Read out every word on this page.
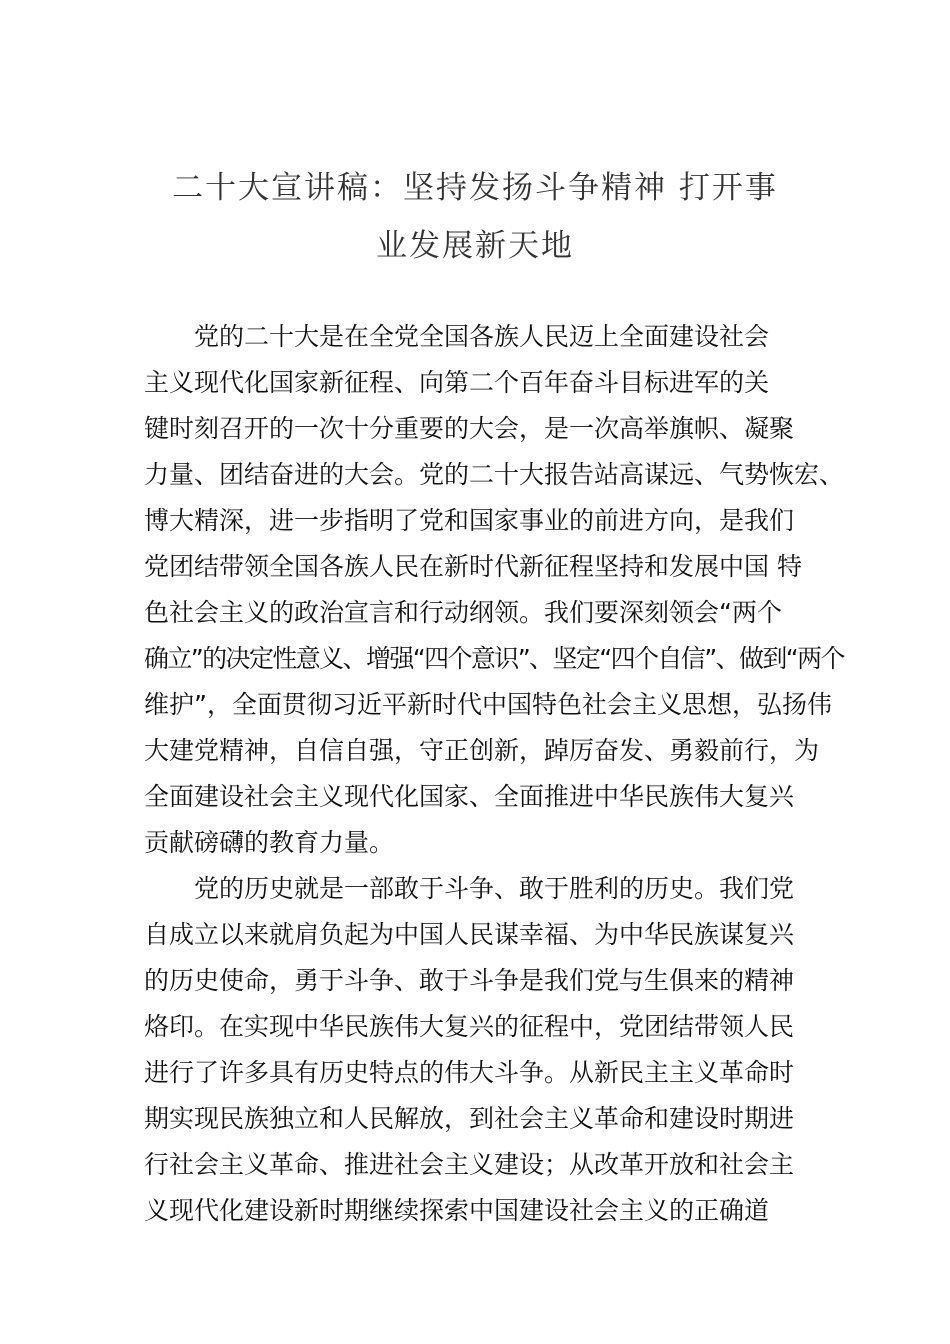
二十大宣讲稿：坚持发扬斗争精神 打开事
业发展新天地
党的二十大是在全党全国各族人民迈上全面建设社会
主义现代化国家新征程、向第二个百年奋斗目标进军的关
键时刻召开的一次十分重要的大会，是一次高举旗帜、凝聚
力量、团结奋进的大会。党的二十大报告站高谋远、气势恢宏、
博大精深，进一步指明了党和国家事业的前进方向，是我们
党团结带领全国各族人民在新时代新征程坚持和发展中国 特
色社会主义的政治宣言和行动纲领。我们要深刻领会“两个
确立”的决定性意义、增强“四个意识”、坚定“四个自信”、做到“两个
维护”，全面贯彻习近平新时代中国特色社会主义思想，弘扬伟
大建党精神，自信自强，守正创新，踔厉奋发、勇毅前行，为
全面建设社会主义现代化国家、全面推进中华民族伟大复兴
贡献磅礴的教育力量。
党的历史就是一部敢于斗争、敢于胜利的历史。我们党
自成立以来就肩负起为中国人民谋幸福、为中华民族谋复兴
的历史使命，勇于斗争、敢于斗争是我们党与生俱来的精神
烙印。在实现中华民族伟大复兴的征程中，党团结带领人民
进行了许多具有历史特点的伟大斗争。从新民主主义革命时
期实现民族独立和人民解放，到社会主义革命和建设时期进
行社会主义革命、推进社会主义建设；从改革开放和社会主
义现代化建设新时期继续探索中国建设社会主义的正确道
